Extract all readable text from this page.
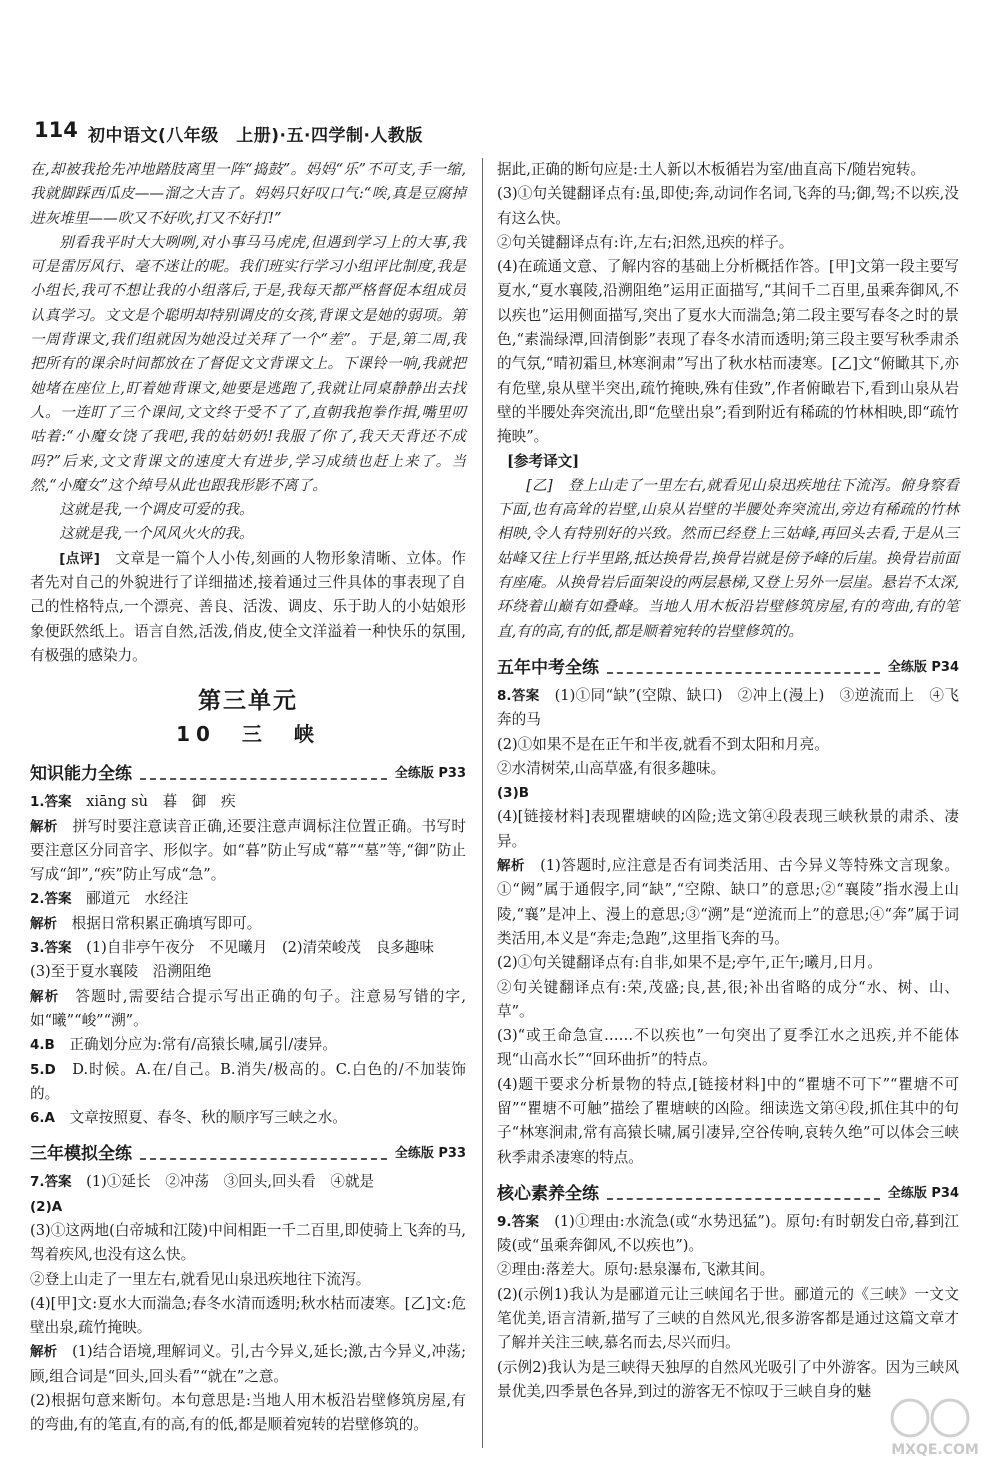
114 初中语文(八年级　上册)·五·四学制·人教版

在,却被我抢先冲地踏肢离里一阵“捣鼓”。妈妈“乐”不可支,手一缩,我就脚踩西瓜皮——溜之大吉了。妈妈只好叹口气:“唉,真是豆腐掉进灰堆里——吹又不好吹,打又不好打!”

别看我平时大大咧咧,对小事马马虎虎,但遇到学习上的大事,我可是雷厉风行、毫不迷让的呢。我们班实行学习小组评比制度,我是小组长,我可不想让我的小组落后,于是,我每天都严格督促本组成员认真学习。文文是个聪明却特别调皮的女孩,背课文是她的弱项。第一周背课文,我们组就因为她没过关拜了一个“差”。于是,第二周,我把所有的课余时间都放在了督促文文背课文上。下课铃一响,我就把她堵在座位上,盯着她背课文,她要是逃跑了,我就让同桌静静出去找人。一连盯了三个课间,文文终于受不了了,直朝我抱拳作揖,嘴里叨咕着:“小魔女饶了我吧,我的姑奶奶!我服了你了,我天天背还不成吗?”后来,文文背课文的速度大有进步,学习成绩也赶上来了。当然,“小魔女”这个绰号从此也跟我形影不离了。

这就是我,一个调皮可爱的我。

这就是我,一个风风火火的我。

[点评]　 文章是一篇个人小传,刻画的人物形象清晰、立体。作者先对自己的外貌进行了详细描述,接着通过三件具体的事表现了自己的性格特点,一个漂亮、善良、活泼、调皮、乐于助人的小姑娘形象便跃然纸上。语言自然,活泼,俏皮,使全文洋溢着一种快乐的氛围,有极强的感染力。

第三单元
10　三　峡
知识能力全练	全练版 P33

1.答案　 xiāng sù　暮　御　疾

解析　 拼写时要注意读音正确,还要注意声调标注位置正确。书写时要注意区分同音字、形似字。如“暮”防止写成“幕”“墓”等,“御”防止写成“卸”,“疾”防止写成“急”。

2.答案　 郦道元　水经注

解析　 根据日常积累正确填写即可。

3.答案　 (1)自非亭午夜分　不见曦月　(2)清荣峻茂　良多趣味

(3)至于夏水襄陵　沿溯阻绝

解析　 答题时,需要结合提示写出正确的句子。注意易写错的字,如“曦”“峻”“溯”。

4.B　 正确划分应为:常有/高猿长啸,属引/凄异。

5.D　 D.时候。A.在/自己。B.消失/极高的。C.白色的/不加装饰的。

6.A　 文章按照夏、春冬、秋的顺序写三峡之水。

三年模拟全练	全练版 P33

7.答案　 (1)①延长　②冲荡　③回头,回头看　④就是

(2)A

(3)①这两地(白帝城和江陵)中间相距一千二百里,即使骑上飞奔的马,驾着疾风,也没有这么快。

②登上山走了一里左右,就看见山泉迅疾地往下流泻。

(4)[甲]文:夏水大而湍急;春冬水清而透明;秋水枯而凄寒。[乙]文:危壁出泉,疏竹掩映。

解析　 (1)结合语境,理解词义。引,古今异义,延长;激,古今异义,冲荡;顾,组合词是“回头,回头看”“就在”之意。

(2)根据句意来断句。本句意思是:当地人用木板沿岩壁修筑房屋,有的弯曲,有的笔直,有的高,有的低,都是顺着宛转的岩壁修筑的。

据此,正确的断句应是:土人新以木板循岩为室/曲直高下/随岩宛转。

(3)①句关键翻译点有:虽,即使;奔,动词作名词,飞奔的马;御,驾;不以疾,没有这么快。

②句关键翻译点有:许,左右;汩然,迅疾的样子。

(4)在疏通文意、了解内容的基础上分析概括作答。[甲]文第一段主要写夏水,“夏水襄陵,沿溯阻绝”运用正面描写,“其间千二百里,虽乘奔御风,不以疾也”运用侧面描写,突出了夏水大而湍急;第二段主要写春冬之时的景色,“素湍绿潭,回清倒影”表现了春冬水清而透明;第三段主要写秋季肃杀的气氛,“晴初霜旦,林寒涧肃”写出了秋水枯而凄寒。[乙]文“俯瞰其下,亦有危壁,泉从壁半突出,疏竹掩映,殊有佳致”,作者俯瞰岩下,看到山泉从岩壁的半腰处奔突流出,即“危壁出泉”;看到附近有稀疏的竹林相映,即“疏竹掩映”。

[参考译文]

[乙]　登上山走了一里左右,就看见山泉迅疾地往下流泻。俯身察看下面,也有高耸的岩壁,山泉从岩壁的半腰处奔突流出,旁边有稀疏的竹林相映,令人有特别好的兴致。然而已经登上三姑峰,再回头去看,于是从三姑峰又往上行半里路,抵达换骨岩,换骨岩就是傍予峰的后崖。换骨岩前面有座庵。从换骨岩后面架设的两层悬梯,又登上另外一层崖。悬岩不太深,环绕着山巅有如叠峰。当地人用木板沿岩壁修筑房屋,有的弯曲,有的笔直,有的高,有的低,都是顺着宛转的岩壁修筑的。

五年中考全练	全练版 P34

8.答案　 (1)①同“缺”(空隙、缺口)　②冲上(漫上)　③逆流而上　④飞奔的马

(2)①如果不是在正午和半夜,就看不到太阳和月亮。

②水清树荣,山高草盛,有很多趣味。

(3)B

(4)[链接材料]表现瞿塘峡的凶险;选文第④段表现三峡秋景的肃杀、凄异。

解析　 (1)答题时,应注意是否有词类活用、古今异义等特殊文言现象。①“阙”属于通假字,同“缺”,“空隙、缺口”的意思;②“襄陵”指水漫上山陵,“襄”是冲上、漫上的意思;③“溯”是“逆流而上”的意思;④“奔”属于词类活用,本义是“奔走;急跑”,这里指飞奔的马。

(2)①句关键翻译点有:自非,如果不是;亭午,正午;曦月,日月。

②句关键翻译点有:荣,茂盛;良,甚,很;补出省略的成分“水、树、山、草”。

(3)“或王命急宣……不以疾也”一句突出了夏季江水之迅疾,并不能体现“山高水长”“回环曲折”的特点。

(4)题干要求分析景物的特点,[链接材料]中的“瞿塘不可下”“瞿塘不可留”“瞿塘不可触”描绘了瞿塘峡的凶险。细读选文第④段,抓住其中的句子“林寒涧肃,常有高猿长啸,属引凄异,空谷传响,哀转久绝”可以体会三峡秋季肃杀凄寒的特点。

核心素养全练	全练版 P34

9.答案　 (1)①理由:水流急(或“水势迅猛”)。原句:有时朝发白帝,暮到江陵(或“虽乘奔御风,不以疾也”)。

②理由:落差大。原句:悬泉瀑布,飞漱其间。

(2)(示例1)我认为是郦道元让三峡闻名于世。郦道元的《三峡》一文文笔优美,语言清新,描写了三峡的自然风光,很多游客都是通过这篇文章才了解并关注三峡,慕名而去,尽兴而归。

(示例2)我认为是三峡得天独厚的自然风光吸引了中外游客。因为三峡风景优美,四季景色各异,到过的游客无不惊叹于三峡自身的魅

MXQE.COM
